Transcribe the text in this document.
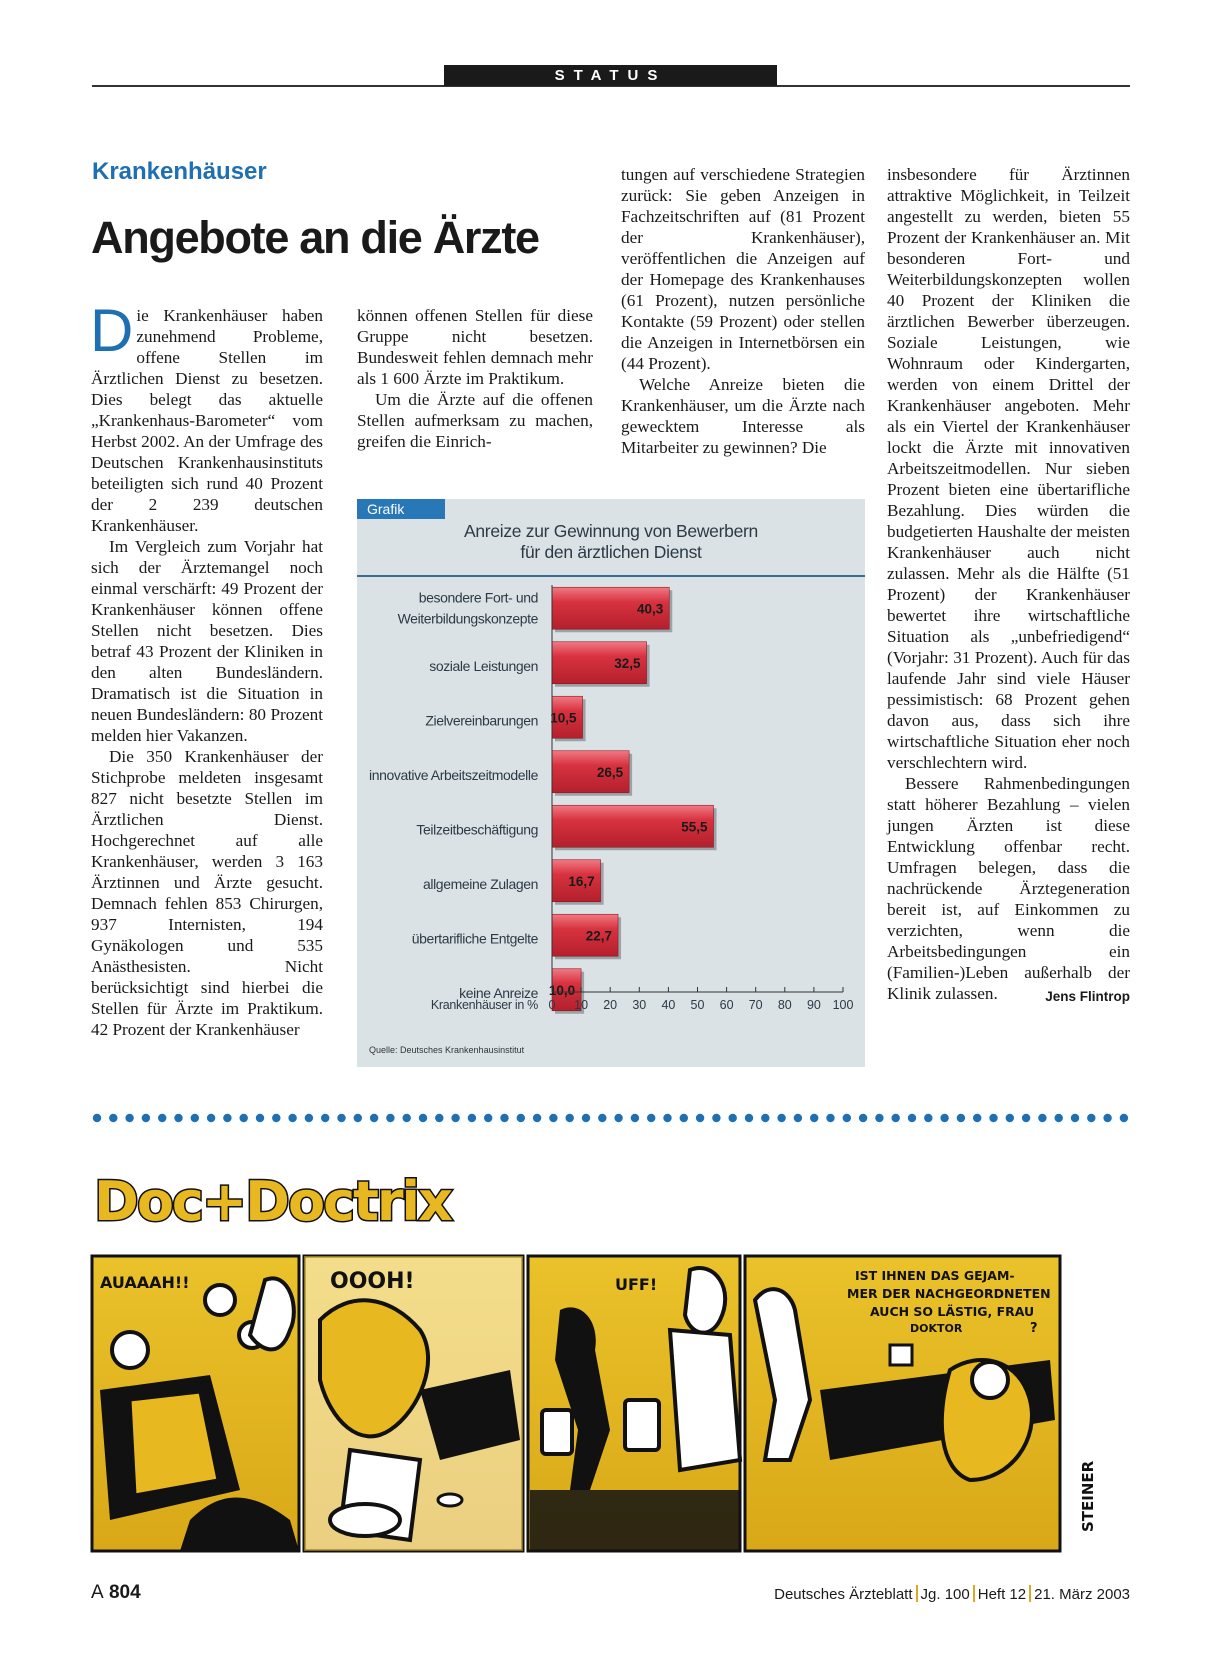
STATUS
Krankenhäuser
Angebote an die Ärzte

Die Krankenhäuser haben zunehmend Probleme, offene Stellen im Ärztlichen Dienst zu besetzen. Dies belegt das aktuelle „Krankenhaus-Barometer“ vom Herbst 2002. An der Umfrage des Deutschen Krankenhausinstituts beteiligten sich rund 40 Prozent der 2 239 deutschen Krankenhäuser.

Im Vergleich zum Vorjahr hat sich der Ärztemangel noch einmal verschärft: 49 Prozent der Krankenhäuser können offene Stellen nicht besetzen. Dies betraf 43 Prozent der Kliniken in den alten Bundesländern. Dramatisch ist die Situation in neuen Bundesländern: 80 Prozent melden hier Vakanzen.

Die 350 Krankenhäuser der Stichprobe meldeten insgesamt 827 nicht besetzte Stellen im Ärztlichen Dienst. Hochgerechnet auf alle Krankenhäuser, werden 3 163 Ärztinnen und Ärzte gesucht. Demnach fehlen 853 Chirurgen, 937 Internisten, 194 Gynäkologen und 535 Anästhesisten. Nicht berücksichtigt sind hierbei die Stellen für Ärzte im Praktikum. 42 Prozent der Krankenhäuser

können offenen Stellen für diese Gruppe nicht besetzen. Bundesweit fehlen demnach mehr als 1 600 Ärzte im Praktikum.

Um die Ärzte auf die offenen Stellen aufmerksam zu machen, greifen die Einrich-

tungen auf verschiedene Strategien zurück: Sie geben Anzeigen in Fachzeitschriften auf (81 Prozent der Krankenhäuser), veröffentlichen die Anzeigen auf der Homepage des Krankenhauses (61 Prozent), nutzen persönliche Kontakte (59 Prozent) oder stellen die Anzeigen in Internetbörsen ein (44 Prozent).

Welche Anreize bieten die Krankenhäuser, um die Ärzte nach gewecktem Interesse als Mitarbeiter zu gewinnen? Die

insbesondere für Ärztinnen attraktive Möglichkeit, in Teilzeit angestellt zu werden, bieten 55 Prozent der Krankenhäuser an. Mit besonderen Fort- und Weiterbildungskonzepten wollen 40 Prozent der Kliniken die ärztlichen Bewerber überzeugen. Soziale Leistungen, wie Wohnraum oder Kindergarten, werden von einem Drittel der Krankenhäuser angeboten. Mehr als ein Viertel der Krankenhäuser lockt die Ärzte mit innovativen Arbeitszeitmodellen. Nur sieben Prozent bieten eine übertarifliche Bezahlung. Dies würden die budgetierten Haushalte der meisten Krankenhäuser auch nicht zulassen. Mehr als die Hälfte (51 Prozent) der Krankenhäuser bewertet ihre wirtschaftliche Situation als „unbefriedigend“ (Vorjahr: 31 Prozent). Auch für das laufende Jahr sind viele Häuser pessimistisch: 68 Prozent gehen davon aus, dass sich ihre wirtschaftliche Situation eher noch verschlechtern wird.

Bessere Rahmenbedingungen statt höherer Bezahlung – vielen jungen Ärzten ist diese Entwicklung offenbar recht. Umfragen belegen, dass die nachrückende Ärztegeneration bereit ist, auf Einkommen zu verzichten, wenn die Arbeitsbedingungen ein (Familien-)Leben außerhalb der Klinik zulassen.	Jens Flintrop

Grafik
Anreize zur Gewinnung von Bewerbern
für den ärztlichen Dienst
40,3
besondere Fort- und
Weiterbildungskonzepte
32,5
soziale Leistungen
10,5
Zielvereinbarungen
26,5
innovative Arbeitszeitmodelle
55,5
Teilzeitbeschäftigung
16,7
allgemeine Zulagen
22,7
übertarifliche Entgelte
10,0
keine Anreize
0 10 20 30 40 50 60 70 80 90 100
Krankenhäuser in %
Quelle: Deutsches Krankenhausinstitut
Doc+Doctrix
AUAAAH!!	OOOH!	UFF!	IST IHNEN DAS GEJAM-
MER DER NACHGEORDNETEN
AUCH SO LÄSTIG, FRAU
DOKTOR	?
STEINER
A 804	Deutsches Ärzteblatt Jg. 100 Heft 12 21. März 2003
